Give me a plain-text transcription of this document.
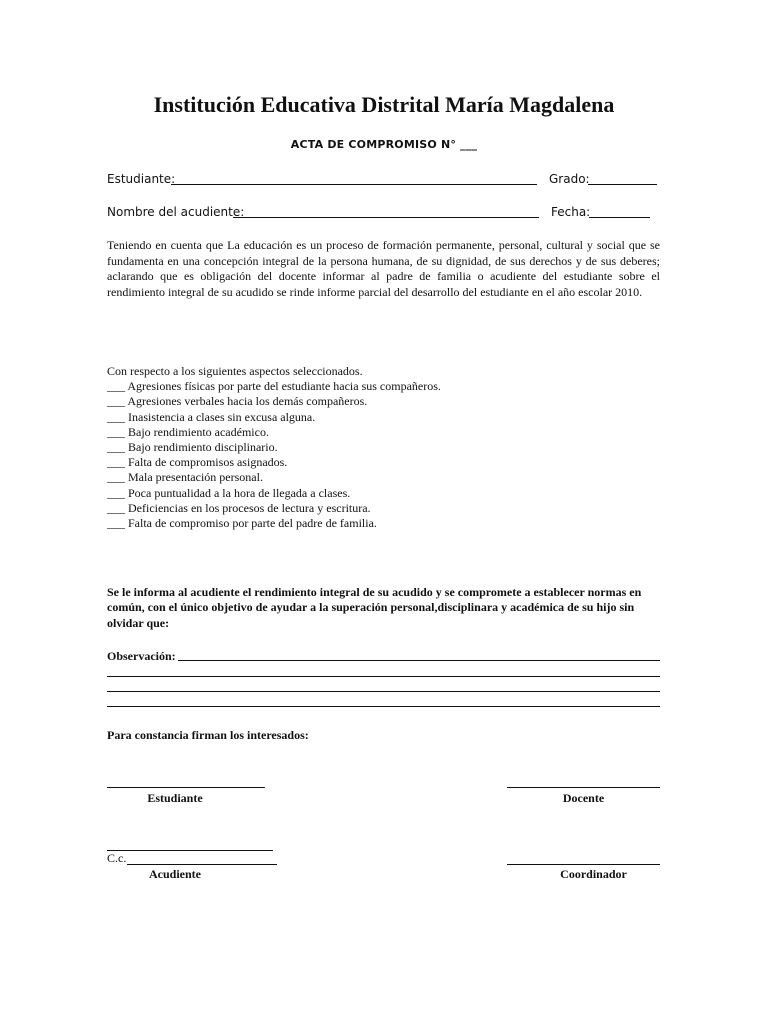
Institución Educativa Distrital María Magdalena
ACTA DE COMPROMISO N° ___
Estudiante:	Grado:
Nombre del acudiente:	Fecha:
Teniendo en cuenta que La educación es un proceso de formación permanente, personal, cultural y social que se fundamenta en una concepción integral de la persona humana, de su dignidad, de sus derechos y de sus deberes; aclarando que es obligación del docente informar al padre de familia o acudiente del estudiante sobre el rendimiento integral de su acudido se rinde informe parcial del desarrollo del estudiante en el año escolar 2010.
Con respecto a los siguientes aspectos seleccionados.
___ Agresiones físicas por parte del estudiante hacia sus compañeros.
___ Agresiones verbales hacia los demás compañeros.
___ Inasistencia a clases sin excusa alguna.
___ Bajo rendimiento académico.
___ Bajo rendimiento disciplinario.
___ Falta de compromisos asignados.
___ Mala presentación personal.
___ Poca puntualidad a la hora de llegada a clases.
___ Deficiencias en los procesos de lectura y escritura.
___ Falta de compromiso por parte del padre de familia.
Se le informa al acudiente el rendimiento integral de su acudido y se compromete a establecer normas en común, con el único objetivo de ayudar a la superación personal,disciplinara y académica de su hijo sin olvidar que:
Observación:
Para constancia firman los interesados:
Estudiante	Docente
C.c.
Acudiente	Coordinador
